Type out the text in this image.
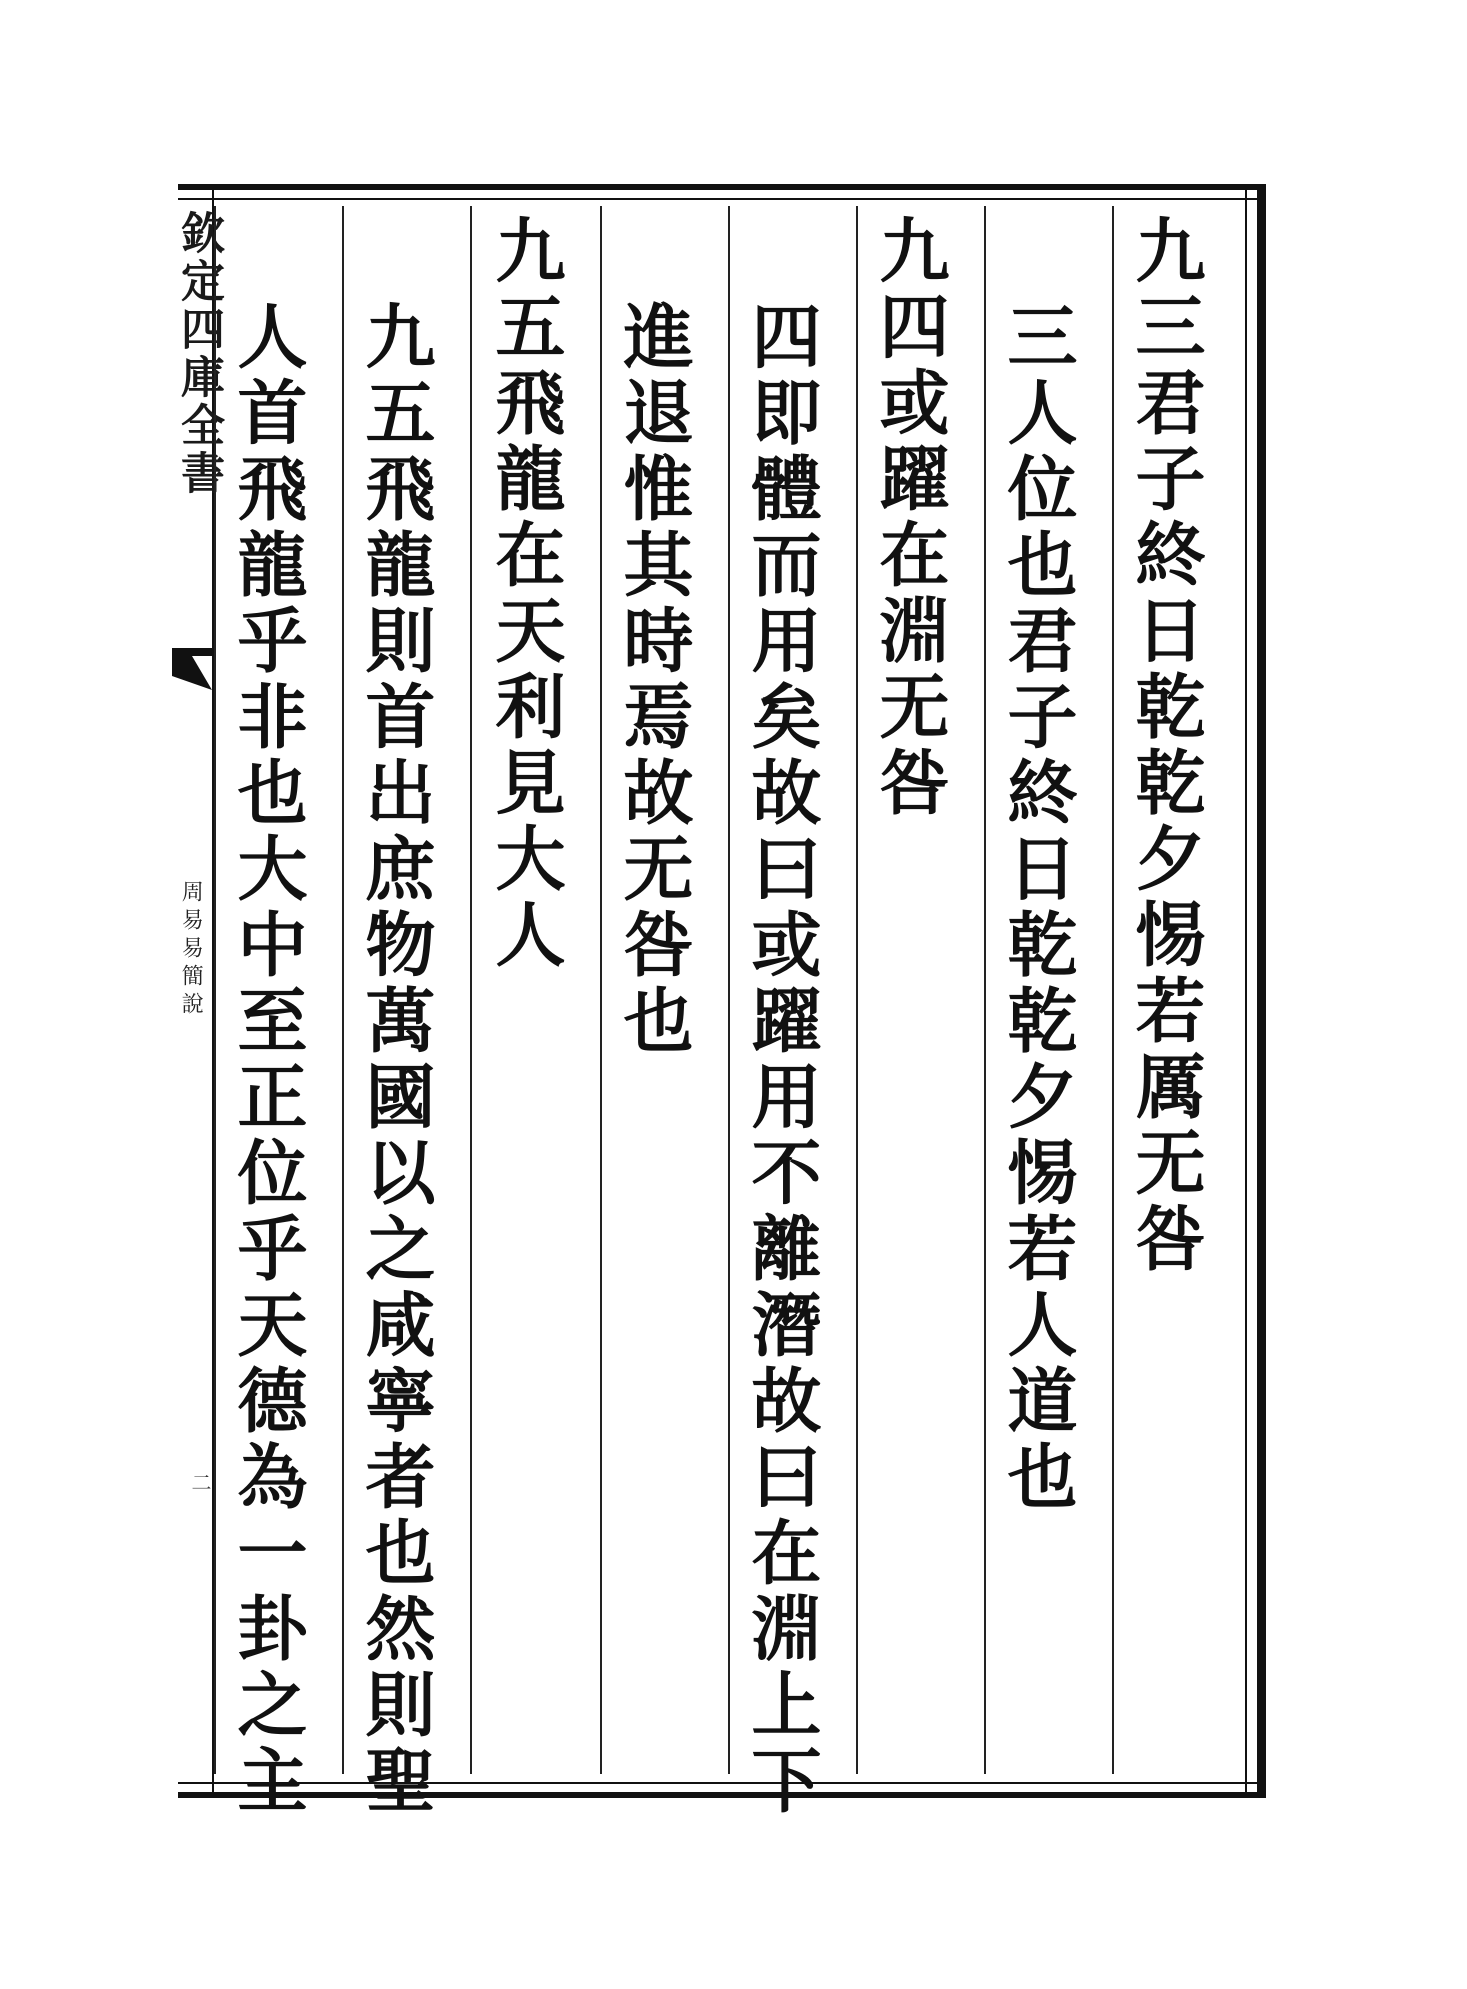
欽定四庫全書
周易易簡說
二
九三君子終日乾乾夕惕若厲无咎
三人位也君子終日乾乾夕惕若人道也
九四或躍在淵无咎
四即體而用矣故曰或躍用不離潛故曰在淵上下
進退惟其時焉故无咎也
九五飛龍在天利見大人
九五飛龍則首出庶物萬國以之咸寧者也然則聖
人首飛龍乎非也大中至正位乎天德為一卦之主
